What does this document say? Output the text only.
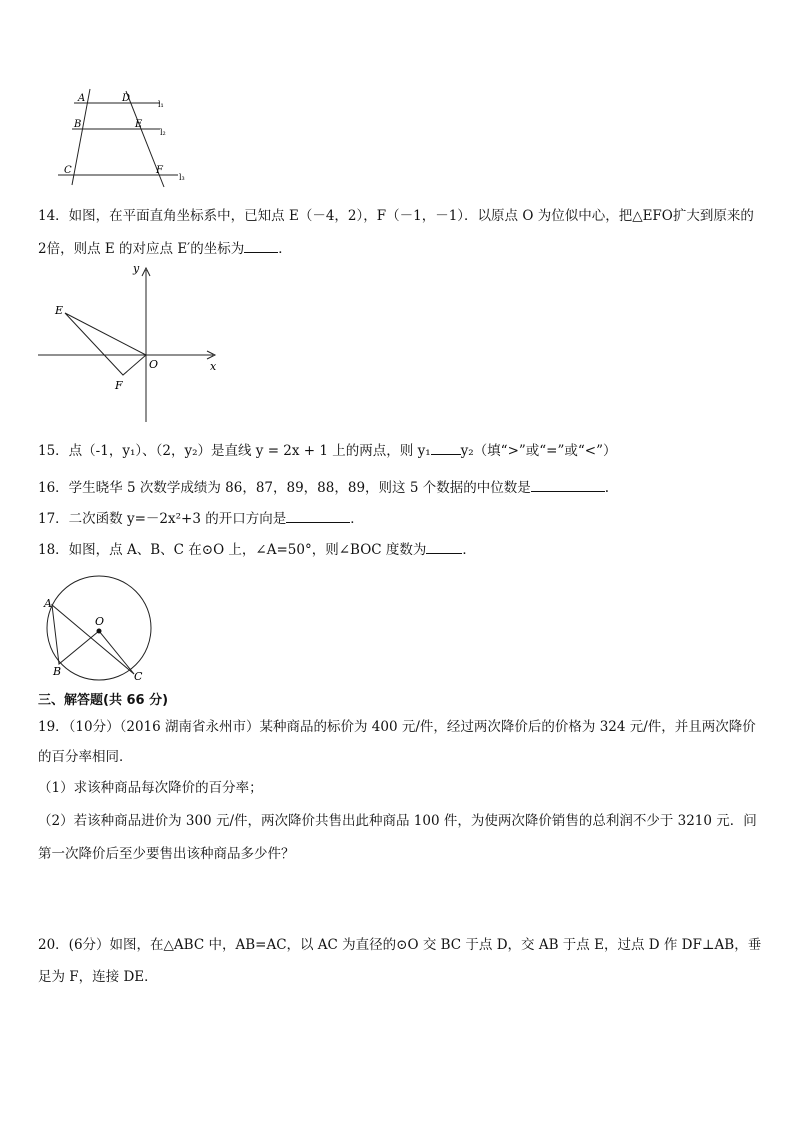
A	D
B	E
C	F
l₁
l₂
l₃
14．如图，在平面直角坐标系中，已知点 E（－4，2），F（－1，－1）．以原点 O 为位似中心，把△EFO扩大到原来的
2倍，则点 E 的对应点 E′的坐标为	．
y
x
O
E
F
15．点（-1，y₁）、（2，y₂）是直线 y = 2x + 1 上的两点，则 y₁ y₂（填“>”或“=”或“<”）
16．学生晓华 5 次数学成绩为 86，87，89，88，89，则这 5 个数据的中位数是	.
17．二次函数 y=－2x²+3 的开口方向是	．
18．如图，点 A、B、C 在⊙O 上，∠A=50°，则∠BOC 度数为	．
A
O
B	C
三、解答题(共 66 分)
19．（10分）（2016 湖南省永州市）某种商品的标价为 400 元/件，经过两次降价后的价格为 324 元/件，并且两次降价
的百分率相同．
（1）求该种商品每次降价的百分率；
（2）若该种商品进价为 300 元/件，两次降价共售出此种商品 100 件，为使两次降价销售的总利润不少于 3210 元．问
第一次降价后至少要售出该种商品多少件？
20．(6分）如图，在△ABC 中，AB=AC，以 AC 为直径的⊙O 交 BC 于点 D，交 AB 于点 E，过点 D 作 DF⊥AB，垂
足为 F，连接 DE．
